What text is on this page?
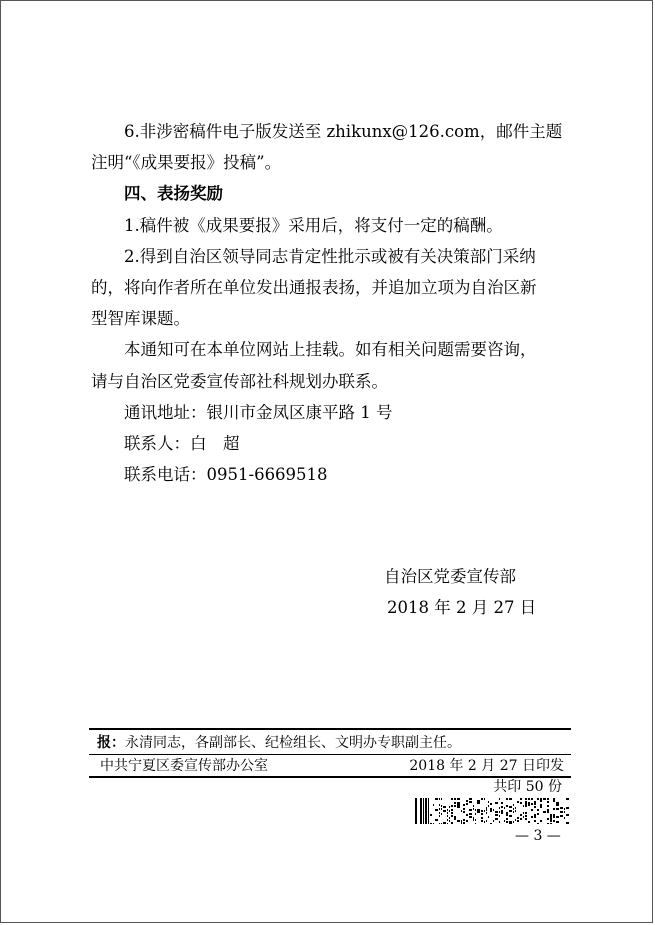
6.非涉密稿件电子版发送至 zhikunx@126.com，邮件主题
注明“《成果要报》投稿”。
四、表扬奖励
1.稿件被《成果要报》采用后，将支付一定的稿酬。
2.得到自治区领导同志肯定性批示或被有关决策部门采纳
的，将向作者所在单位发出通报表扬，并追加立项为自治区新
型智库课题。
本通知可在本单位网站上挂载。如有相关问题需要咨询，
请与自治区党委宣传部社科规划办联系。
通讯地址：银川市金凤区康平路 1 号
联系人：白　超
联系电话：0951-6669518
自治区党委宣传部
2018 年 2 月 27 日
报：永清同志，各副部长、纪检组长、文明办专职副主任。
中共宁夏区委宣传部办公室	2018 年 2 月 27 日印发
共印 50 份
— 3 —
